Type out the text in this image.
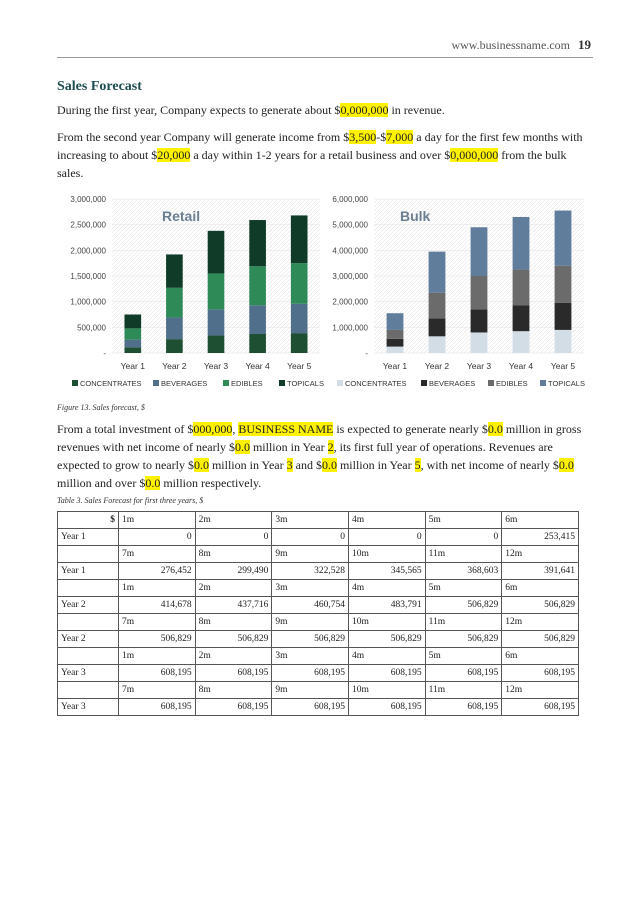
www.businessname.com 19
Sales Forecast
During the first year, Company expects to generate about $0,000,000 in revenue.
From the second year Company will generate income from $3,500-$7,000 a day for the first few months with increasing to about $20,000 a day within 1-2 years for a retail business and over $0,000,000 from the bulk sales.
-
500,000
1,000,000
1,500,000
2,000,000
2,500,000
3,000,000
Retail
Year 1 Year 2 Year 3 Year 4 Year 5
-
1,000,000
2,000,000
3,000,000
4,000,000
5,000,000
6,000,000
Bulk
Year 1 Year 2 Year 3 Year 4 Year 5
CONCENTRATES	BEVERAGES	EDIBLES	TOPICALS	CONCENTRATES	BEVERAGES	EDIBLES	TOPICALS
Figure 13. Sales forecast, $
From a total investment of $000,000, BUSINESS NAME is expected to generate nearly $0.0 million in gross revenues with net income of nearly $0.0 million in Year 2, its first full year of operations. Revenues are expected to grow to nearly $0.0 million in Year 3 and $0.0 million in Year 5, with net income of nearly $0.0 million and over $0.0 million respectively.
Table 3. Sales Forecast for first three years, $
$	1m	2m	3m	4m	5m	6m
Year 1	0	0	0	0	0	253,415
	7m	8m	9m	10m	11m	12m
Year 1	276,452	299,490	322,528	345,565	368,603	391,641
	1m	2m	3m	4m	5m	6m
Year 2	414,678	437,716	460,754	483,791	506,829	506,829
	7m	8m	9m	10m	11m	12m
Year 2	506,829	506,829	506,829	506,829	506,829	506,829
	1m	2m	3m	4m	5m	6m
Year 3	608,195	608,195	608,195	608,195	608,195	608,195
	7m	8m	9m	10m	11m	12m
Year 3	608,195	608,195	608,195	608,195	608,195	608,195
